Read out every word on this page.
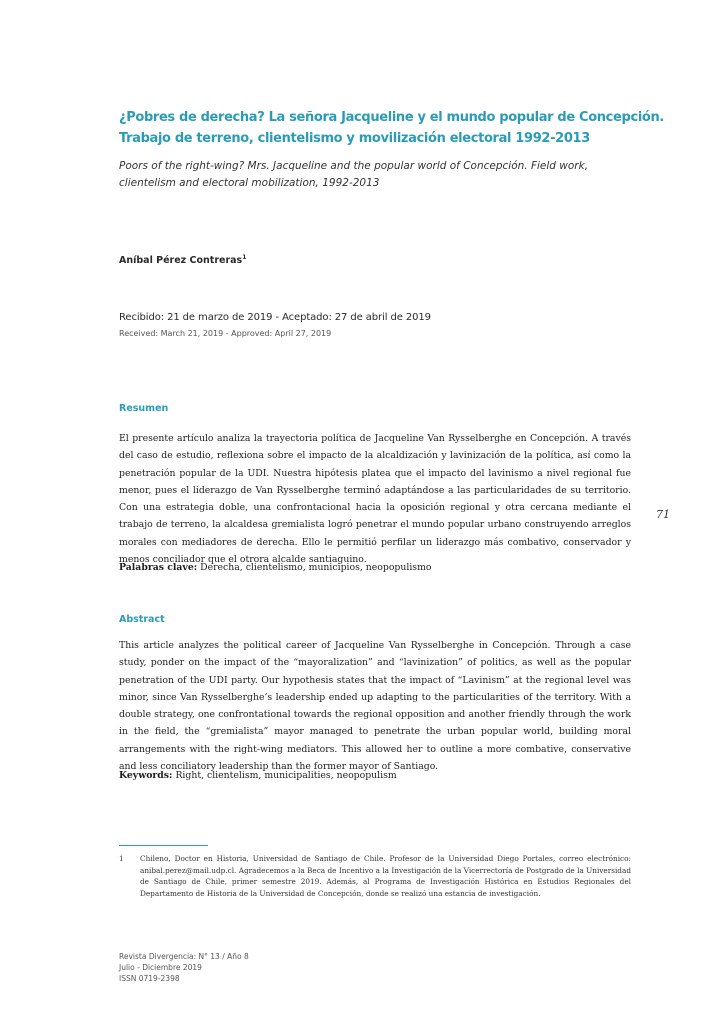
¿Pobres de derecha? La señora Jacqueline y el mundo popular de Concepción.
Trabajo de terreno, clientelismo y movilización electoral 1992-2013

Poors of the right-wing? Mrs. Jacqueline and the popular world of Concepción. Field work,
clientelism and electoral mobilization, 1992-2013

Aníbal Pérez Contreras$^1$
Recibido: 21 de marzo de 2019 - Aceptado: 27 de abril de 2019
Received: March 21, 2019 - Approved: April 27, 2019
Resumen

El presente artículo analiza la trayectoria política de Jacqueline Van Rysselberghe en Concepción. A través del caso de estudio, reflexiona sobre el impacto de la alcaldización y lavinización de la política, así como la penetración popular de la UDI. Nuestra hipótesis platea que el impacto del lavinismo a nivel regional fue menor, pues el liderazgo de Van Rysselberghe terminó adaptándose a las particularidades de su territorio. Con una estrategia doble, una confrontacional hacia la oposición regional y otra cercana mediante el trabajo de terreno, la alcaldesa gremialista logró penetrar el mundo popular urbano construyendo arreglos morales con mediadores de derecha. Ello le permitió perfilar un liderazgo más combativo, conservador y menos conciliador que el otrora alcalde santiaguino.

Palabras clave: Derecha, clientelismo, municipios, neopopulismo
71
Abstract

This article analyzes the political career of Jacqueline Van Rysselberghe in Concepción. Through a case study, ponder on the impact of the “mayoralization” and “lavinization” of politics, as well as the popular penetration of the UDI party. Our hypothesis states that the impact of “Lavinism” at the regional level was minor, since Van Rysselberghe’s leadership ended up adapting to the particularities of the territory. With a double strategy, one confrontational towards the regional opposition and another friendly through the work in the field, the “gremialista” mayor managed to penetrate the urban popular world, building moral arrangements with the right-wing mediators. This allowed her to outline a more combative, conservative and less conciliatory leadership than the former mayor of Santiago.

Keywords: Right, clientelism, municipalities, neopopulism
1 Chileno, Doctor en Historia, Universidad de Santiago de Chile. Profesor de la Universidad Diego Portales, correo electrónico: anibal.perez@mail.udp.cl. Agradecemos a la Beca de Incentivo a la Investigación de la Vicerrectoría de Postgrado de la Universidad de Santiago de Chile, primer semestre 2019. Además, al Programa de Investigación Histórica en Estudios Regionales del Departamento de Historia de la Universidad de Concepción, donde se realizó una estancia de investigación.

Revista Divergencia: N° 13 / Año 8
Julio - Diciembre 2019
ISSN 0719-2398
